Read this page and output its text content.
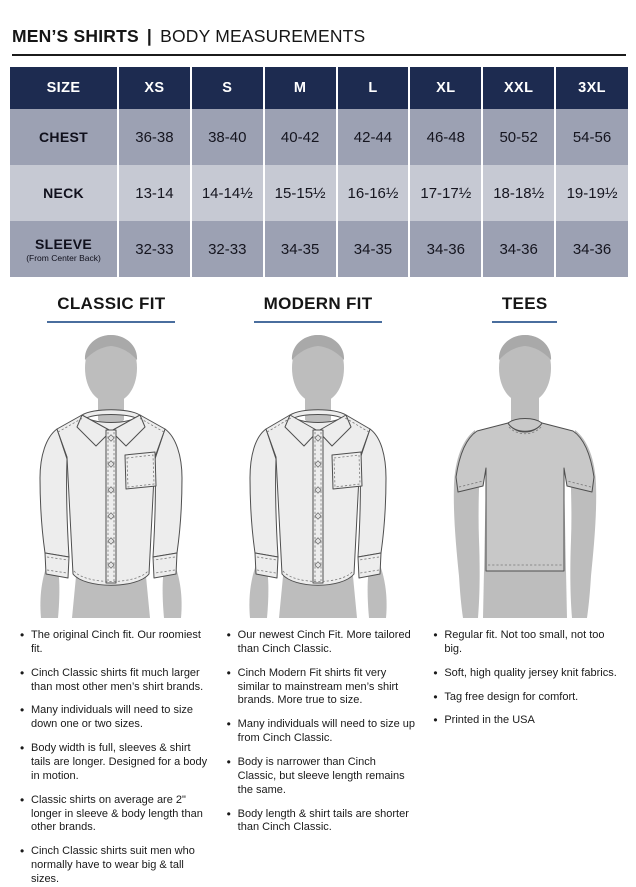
MEN’S SHIRTS | BODY MEASUREMENTS
SIZE	XS	S	M	L	XL	XXL	3XL
CHEST	36-38	38-40	40-42	42-44	46-48	50-52	54-56
NECK	13-14	14-14½	15-15½	16-16½	17-17½	18-18½	19-19½
SLEEVE
(From Center Back)	32-33	32-33	34-35	34-35	34-36	34-36	34-36
CLASSIC FIT
• The original Cinch fit. Our roomiest fit.
• Cinch Classic shirts fit much larger than most other men’s shirt brands.
• Many individuals will need to size down one or two sizes.
• Body width is full, sleeves & shirt tails are longer. Designed for a body in motion.
• Classic shirts on average are 2" longer in sleeve & body length than other brands.
• Cinch Classic shirts suit men who normally have to wear big & tall sizes.
MODERN FIT
• Our newest Cinch Fit. More tailored than Cinch Classic.
• Cinch Modern Fit shirts fit very similar to mainstream men’s shirt brands. More true to size.
• Many individuals will need to size up from Cinch Classic.
• Body is narrower than Cinch Classic, but sleeve length remains the same.
• Body length & shirt tails are shorter than Cinch Classic.
TEES
• Regular fit. Not too small, not too big.
• Soft, high quality jersey knit fabrics.
• Tag free design for comfort.
• Printed in the USA
